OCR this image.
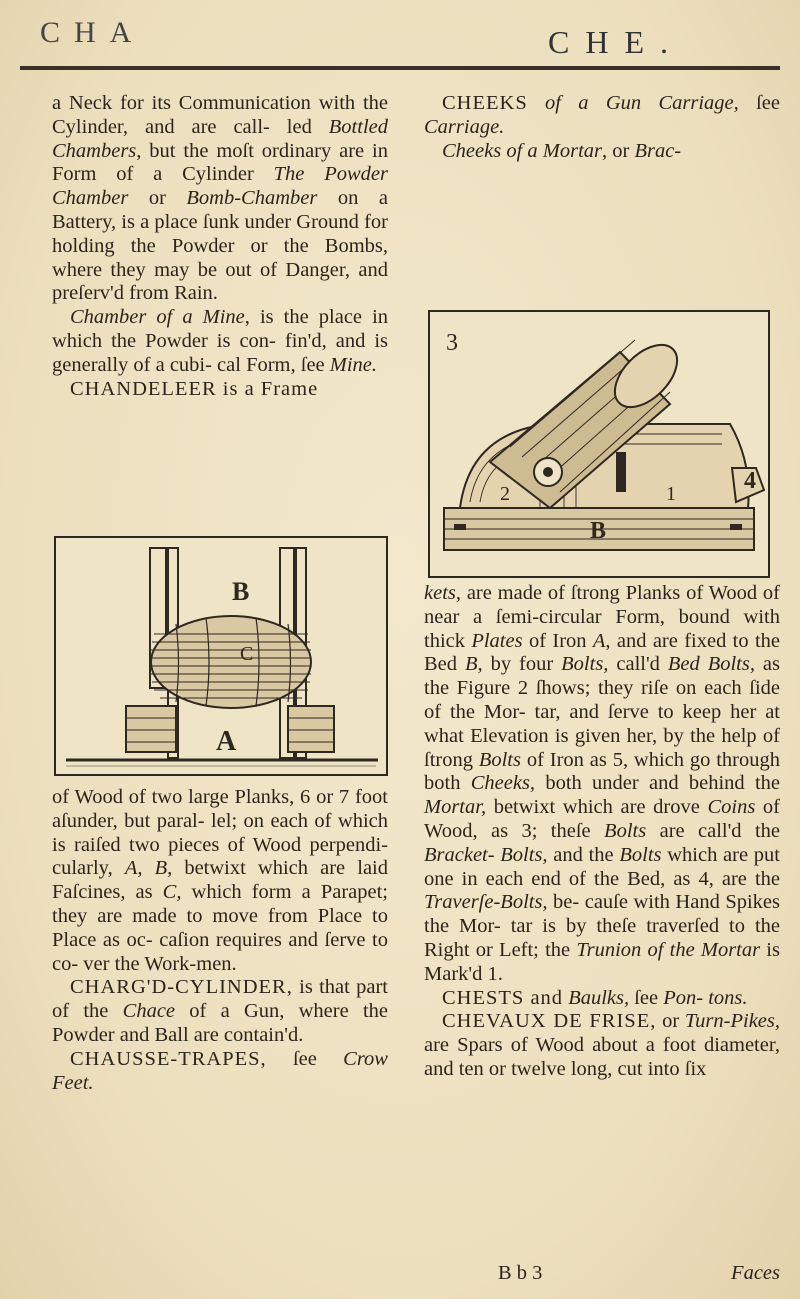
CHA	CHE.

a Neck for its Communication with the Cylinder, and are call- led Bottled Chambers, but the moſt ordinary are in Form of a Cylinder The Powder Chamber or Bomb-Chamber on a Battery, is a place ſunk under Ground for holding the Powder or the Bombs, where they may be out of Danger, and preſerv'd from Rain.

Chamber of a Mine, is the place in which the Powder is con- fin'd, and is generally of a cubi- cal Form, ſee Mine.

CHANDELEER is a Frame

B
C
A

of Wood of two large Planks, 6 or 7 foot aſunder, but paral- lel; on each of which is raiſed two pieces of Wood perpendi- cularly, A, B, betwixt which are laid Faſcines, as C, which form a Parapet; they are made to move from Place to Place as oc- caſion requires and ſerve to co- ver the Work-men.

CHARG'D-CYLINDER, is that part of the Chace of a Gun, where the Powder and Ball are contain'd.

CHAUSSE-TRAPES, ſee Crow Feet.

CHEEKS of a Gun Carriage, ſee Carriage.

Cheeks of a Mortar, or Brac-

3
2
B
1	4

kets, are made of ſtrong Planks of Wood of near a ſemi-circular Form, bound with thick Plates of Iron A, and are fixed to the Bed B, by four Bolts, call'd Bed Bolts, as the Figure 2 ſhows; they riſe on each ſide of the Mor- tar, and ſerve to keep her at what Elevation is given her, by the help of ſtrong Bolts of Iron as 5, which go through both Cheeks, both under and behind the Mortar, betwixt which are drove Coins of Wood, as 3; theſe Bolts are call'd the Bracket- Bolts, and the Bolts which are put one in each end of the Bed, as 4, are the Traverſe-Bolts, be- cauſe with Hand Spikes the Mor- tar is by theſe traverſed to the Right or Left; the Trunion of the Mortar is Mark'd 1.

CHESTS and Baulks, ſee Pon- tons.

CHEVAUX DE FRISE, or Turn-Pikes, are Spars of Wood about a foot diameter, and ten or twelve long, cut into ſix

B b 3	Faces
